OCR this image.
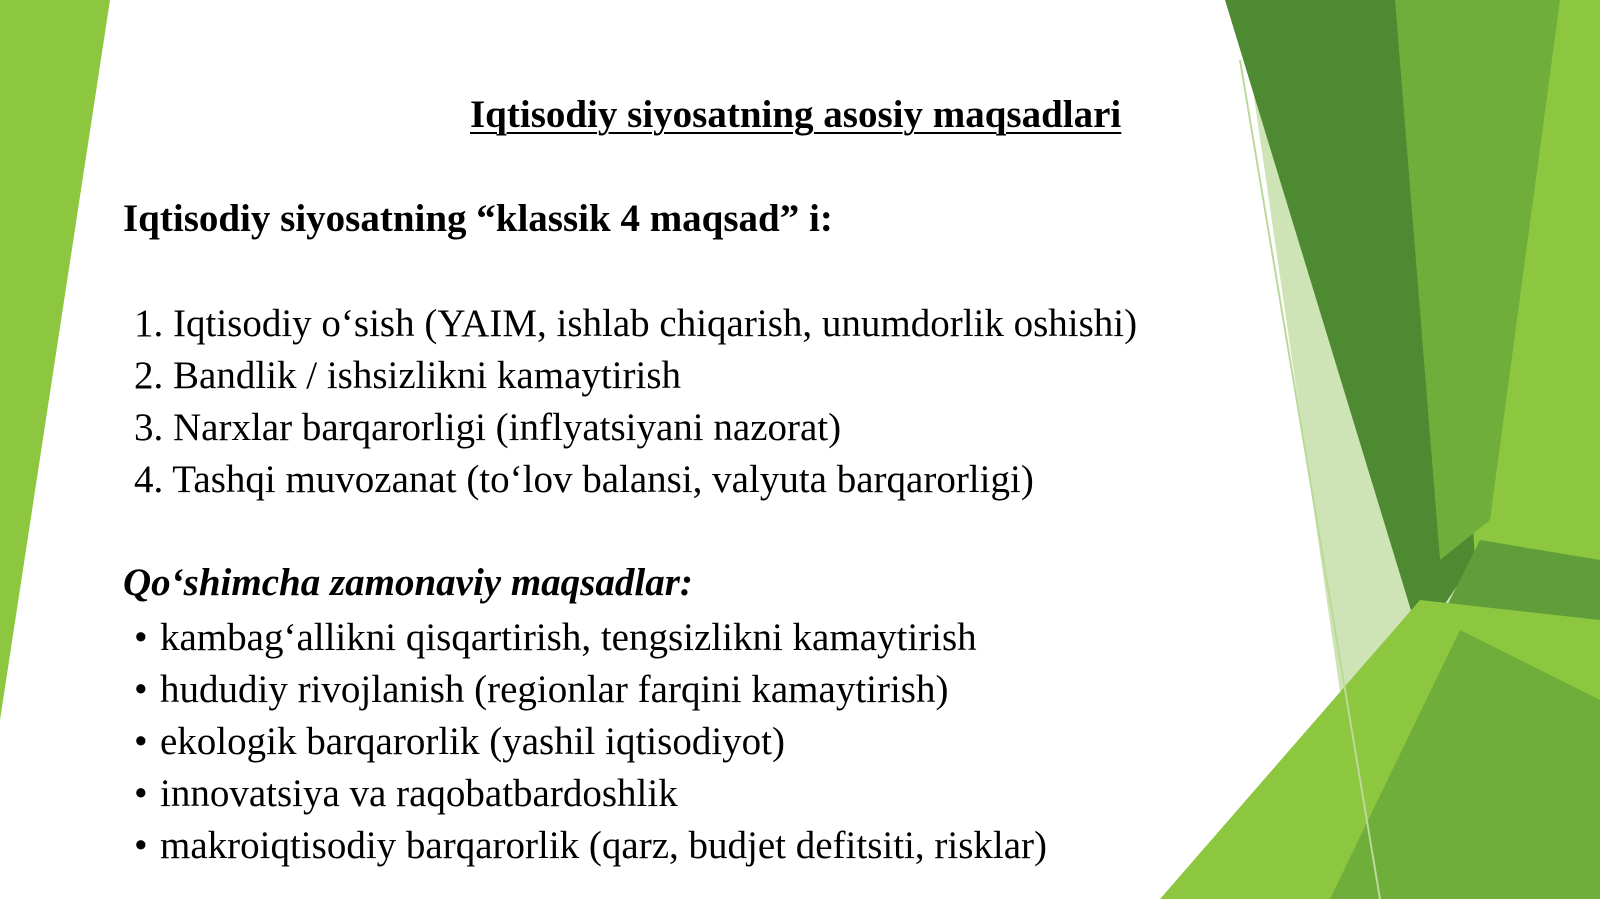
Iqtisodiy siyosatning asosiy maqsadlari
Iqtisodiy siyosatning “klassik 4 maqsad” i:
1. Iqtisodiy o‘sish (YAIM, ishlab chiqarish, unumdorlik oshishi)
2. Bandlik / ishsizlikni kamaytirish
3. Narxlar barqarorligi (inflyatsiyani nazorat)
4. Tashqi muvozanat (to‘lov balansi, valyuta barqarorligi)
Qo‘shimcha zamonaviy maqsadlar:
• kambag‘allikni qisqartirish, tengsizlikni kamaytirish
• hududiy rivojlanish (regionlar farqini kamaytirish)
• ekologik barqarorlik (yashil iqtisodiyot)
• innovatsiya va raqobatbardoshlik
• makroiqtisodiy barqarorlik (qarz, budjet defitsiti, risklar)
